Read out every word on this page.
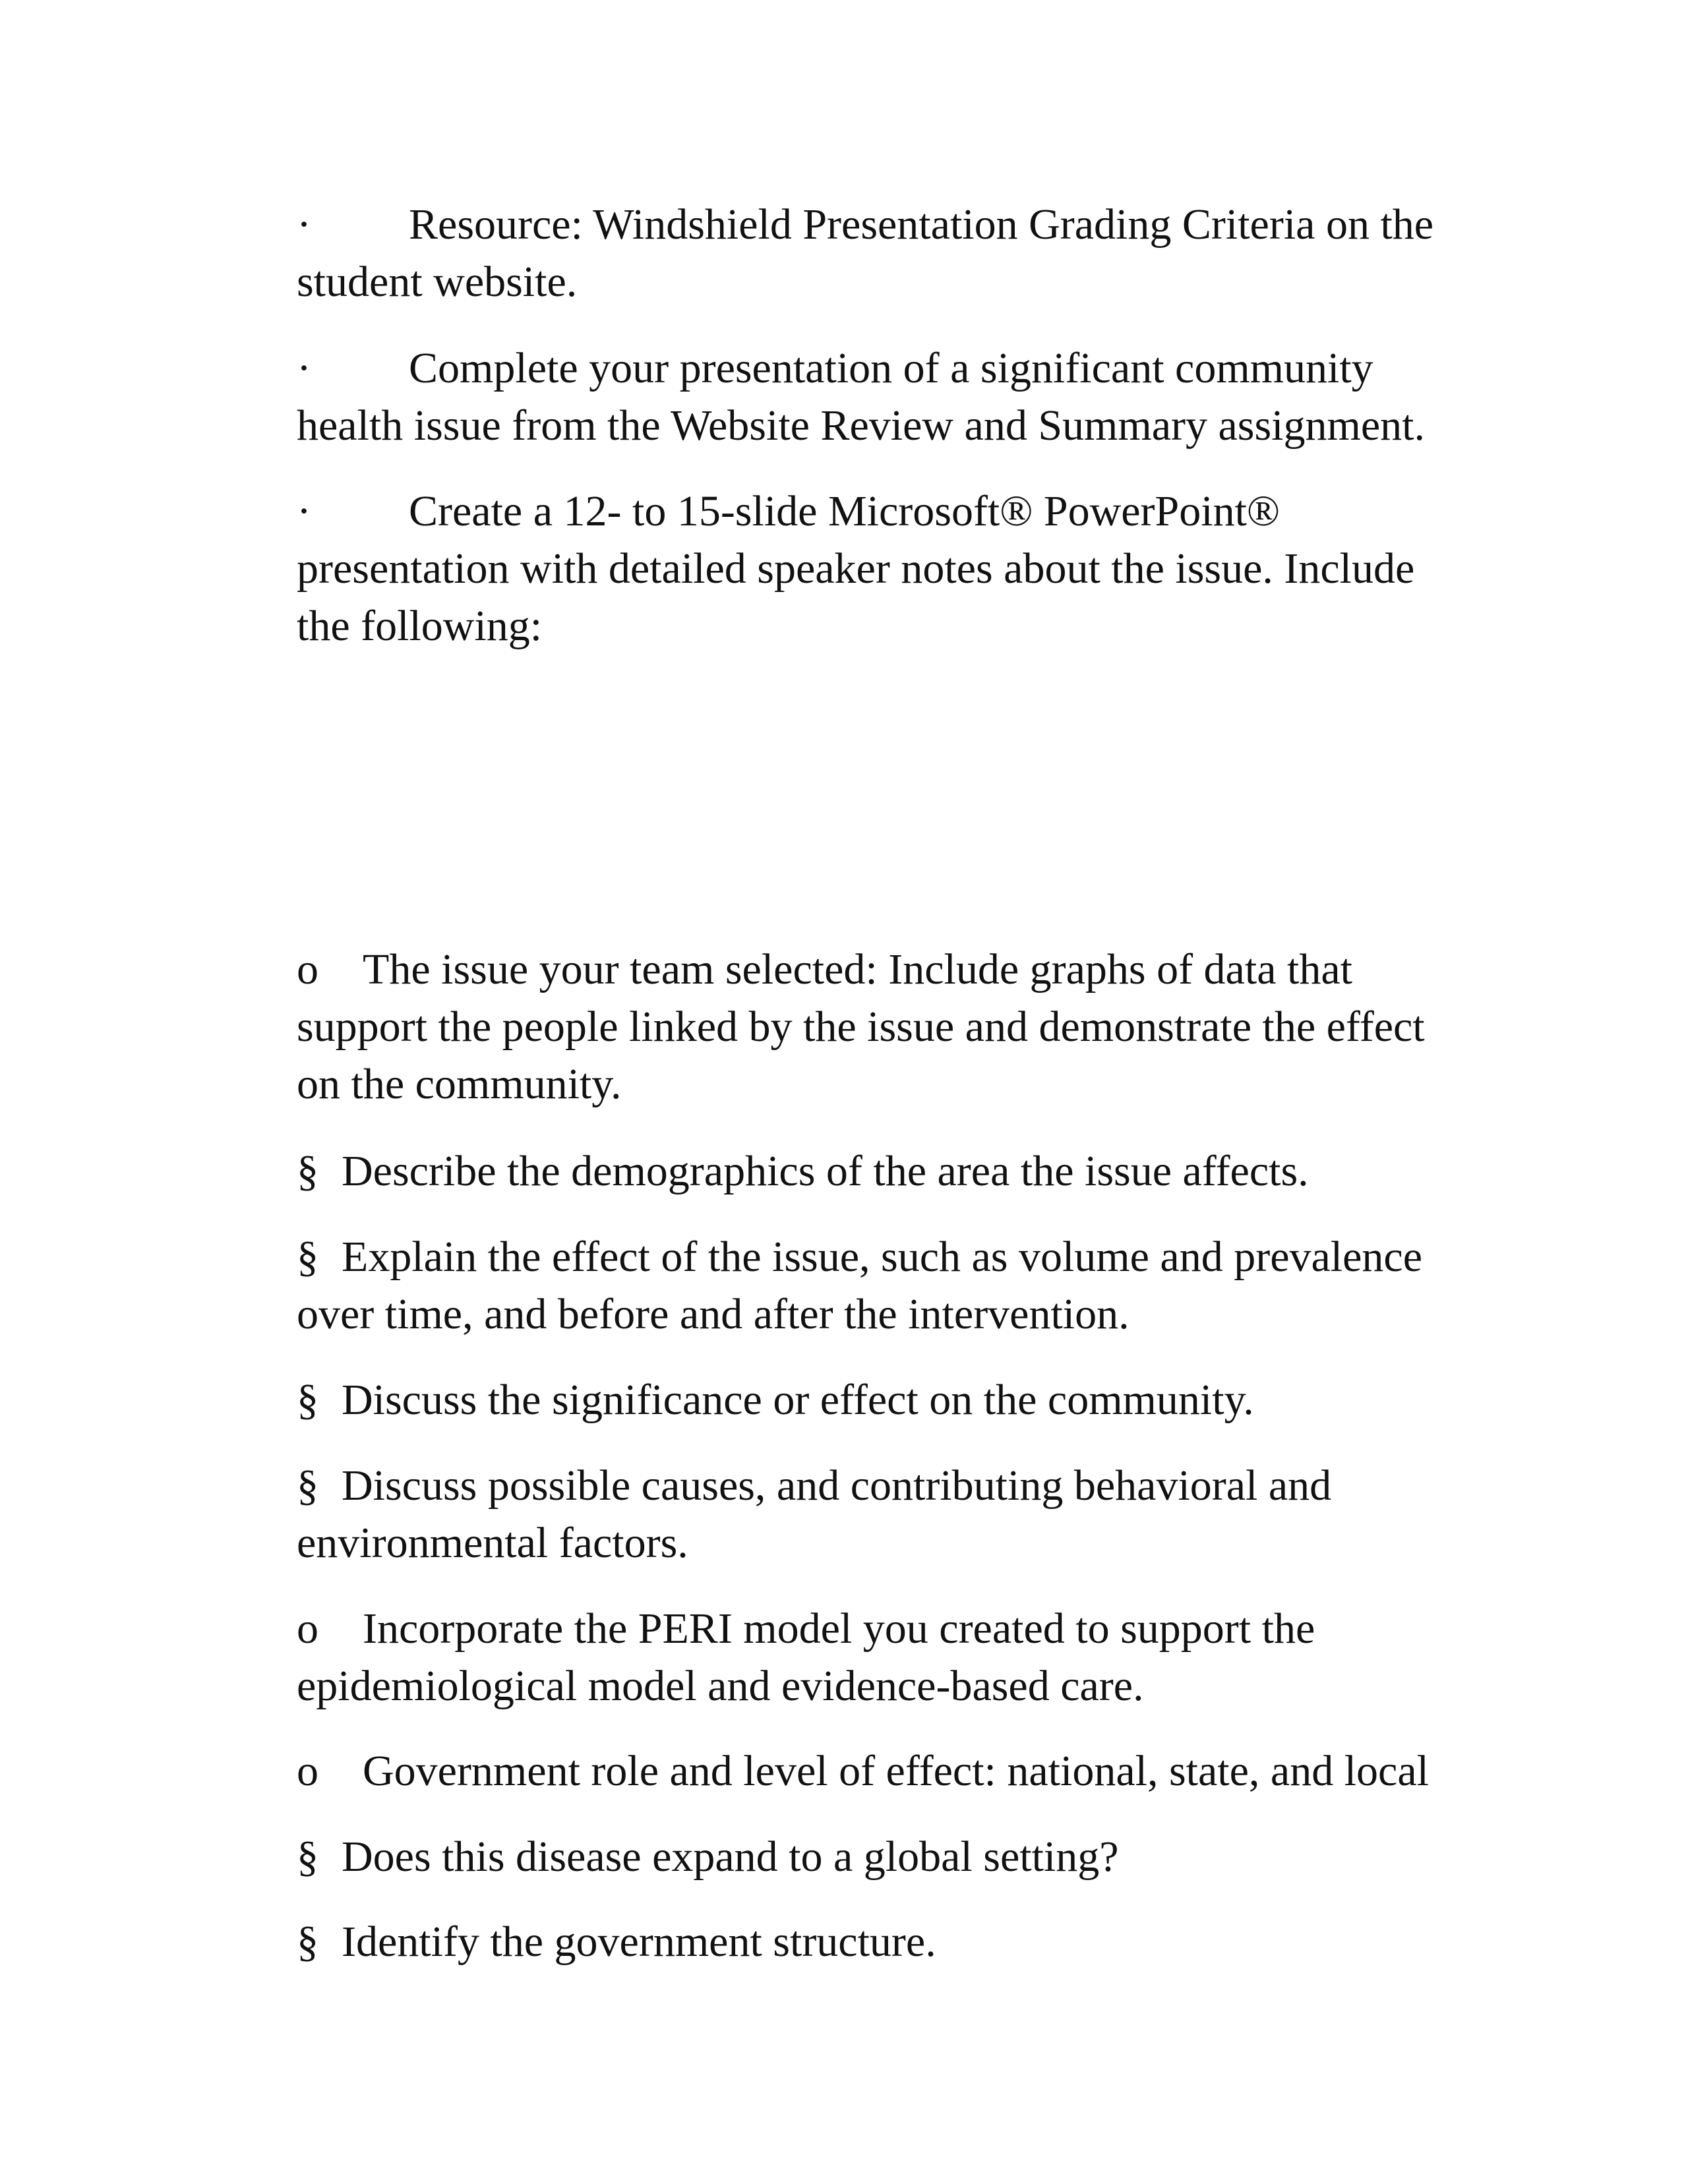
· Resource: Windshield Presentation Grading Criteria on the
student website.
· Complete your presentation of a significant community
health issue from the Website Review and Summary assignment.
· Create a 12- to 15-slide Microsoft® PowerPoint®
presentation with detailed speaker notes about the issue. Include
the following:
o The issue your team selected: Include graphs of data that
support the people linked by the issue and demonstrate the effect
on the community.
§ Describe the demographics of the area the issue affects.
§ Explain the effect of the issue, such as volume and prevalence
over time, and before and after the intervention.
§ Discuss the significance or effect on the community.
§ Discuss possible causes, and contributing behavioral and
environmental factors.
o Incorporate the PERI model you created to support the
epidemiological model and evidence-based care.
o Government role and level of effect: national, state, and local
§ Does this disease expand to a global setting?
§ Identify the government structure.
